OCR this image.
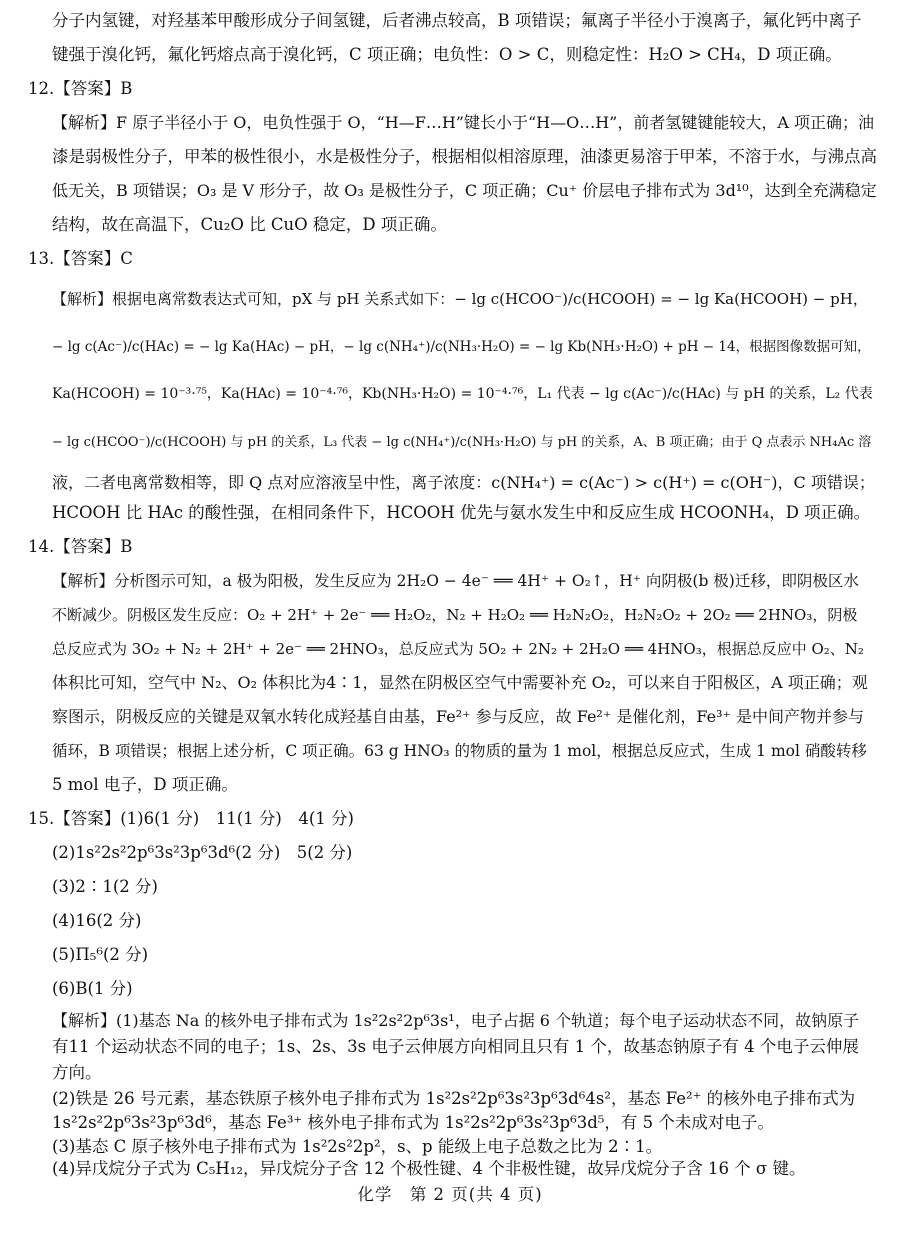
分子内氢键，对羟基苯甲酸形成分子间氢键，后者沸点较高，B 项错误；氟离子半径小于溴离子，氟化钙中离子
键强于溴化钙，氟化钙熔点高于溴化钙，C 项正确；电负性：O > C，则稳定性：H₂O > CH₄，D 项正确。
12.【答案】B
【解析】F 原子半径小于 O，电负性强于 O，“H—F…H”键长小于“H—O…H”，前者氢键键能较大，A 项正确；油
漆是弱极性分子，甲苯的极性很小，水是极性分子，根据相似相溶原理，油漆更易溶于甲苯，不溶于水，与沸点高
低无关，B 项错误；O₃ 是 V 形分子，故 O₃ 是极性分子，C 项正确；Cu⁺ 价层电子排布式为 3d¹⁰，达到全充满稳定
结构，故在高温下，Cu₂O 比 CuO 稳定，D 项正确。
13.【答案】C
【解析】根据电离常数表达式可知，pX 与 pH 关系式如下：− lg c(HCOO⁻)/c(HCOOH) = − lg Ka(HCOOH) − pH，
− lg c(Ac⁻)/c(HAc) = − lg Ka(HAc) − pH，− lg c(NH₄⁺)/c(NH₃·H₂O) = − lg Kb(NH₃·H₂O) + pH − 14，根据图像数据可知，
Ka(HCOOH) = 10⁻³·⁷⁵，Ka(HAc) = 10⁻⁴·⁷⁶，Kb(NH₃·H₂O) = 10⁻⁴·⁷⁶，L₁ 代表 − lg c(Ac⁻)/c(HAc) 与 pH 的关系，L₂ 代表
− lg c(HCOO⁻)/c(HCOOH) 与 pH 的关系，L₃ 代表 − lg c(NH₄⁺)/c(NH₃·H₂O) 与 pH 的关系，A、B 项正确；由于 Q 点表示 NH₄Ac 溶
液，二者电离常数相等，即 Q 点对应溶液呈中性，离子浓度：c(NH₄⁺) = c(Ac⁻) > c(H⁺) = c(OH⁻)，C 项错误；
HCOOH 比 HAc 的酸性强，在相同条件下，HCOOH 优先与氨水发生中和反应生成 HCOONH₄，D 项正确。
14.【答案】B
【解析】分析图示可知，a 极为阳极，发生反应为 2H₂O − 4e⁻ ══ 4H⁺ + O₂↑，H⁺ 向阴极(b 极)迁移，即阴极区水
不断减少。阴极区发生反应：O₂ + 2H⁺ + 2e⁻ ══ H₂O₂，N₂ + H₂O₂ ══ H₂N₂O₂，H₂N₂O₂ + 2O₂ ══ 2HNO₃，阴极
总反应式为 3O₂ + N₂ + 2H⁺ + 2e⁻ ══ 2HNO₃，总反应式为 5O₂ + 2N₂ + 2H₂O ══ 4HNO₃，根据总反应中 O₂、N₂
体积比可知，空气中 N₂、O₂ 体积比为4∶1，显然在阴极区空气中需要补充 O₂，可以来自于阳极区，A 项正确；观
察图示，阴极反应的关键是双氧水转化成羟基自由基，Fe²⁺ 参与反应，故 Fe²⁺ 是催化剂，Fe³⁺ 是中间产物并参与
循环，B 项错误；根据上述分析，C 项正确。63 g HNO₃ 的物质的量为 1 mol，根据总反应式，生成 1 mol 硝酸转移
5 mol 电子，D 项正确。
15.【答案】(1)6(1 分)　11(1 分)　4(1 分)
(2)1s²2s²2p⁶3s²3p⁶3d⁶(2 分)　5(2 分)
(3)2∶1(2 分)
(4)16(2 分)
(5)Π₅⁶(2 分)
(6)B(1 分)
【解析】(1)基态 Na 的核外电子排布式为 1s²2s²2p⁶3s¹，电子占据 6 个轨道；每个电子运动状态不同，故钠原子
有11 个运动状态不同的电子；1s、2s、3s 电子云伸展方向相同且只有 1 个，故基态钠原子有 4 个电子云伸展
方向。
(2)铁是 26 号元素，基态铁原子核外电子排布式为 1s²2s²2p⁶3s²3p⁶3d⁶4s²，基态 Fe²⁺ 的核外电子排布式为
1s²2s²2p⁶3s²3p⁶3d⁶，基态 Fe³⁺ 核外电子排布式为 1s²2s²2p⁶3s²3p⁶3d⁵，有 5 个未成对电子。
(3)基态 C 原子核外电子排布式为 1s²2s²2p²，s、p 能级上电子总数之比为 2∶1。
(4)异戊烷分子式为 C₅H₁₂，异戊烷分子含 12 个极性键、4 个非极性键，故异戊烷分子含 16 个 σ 键。
化学　第 2 页(共 4 页)
